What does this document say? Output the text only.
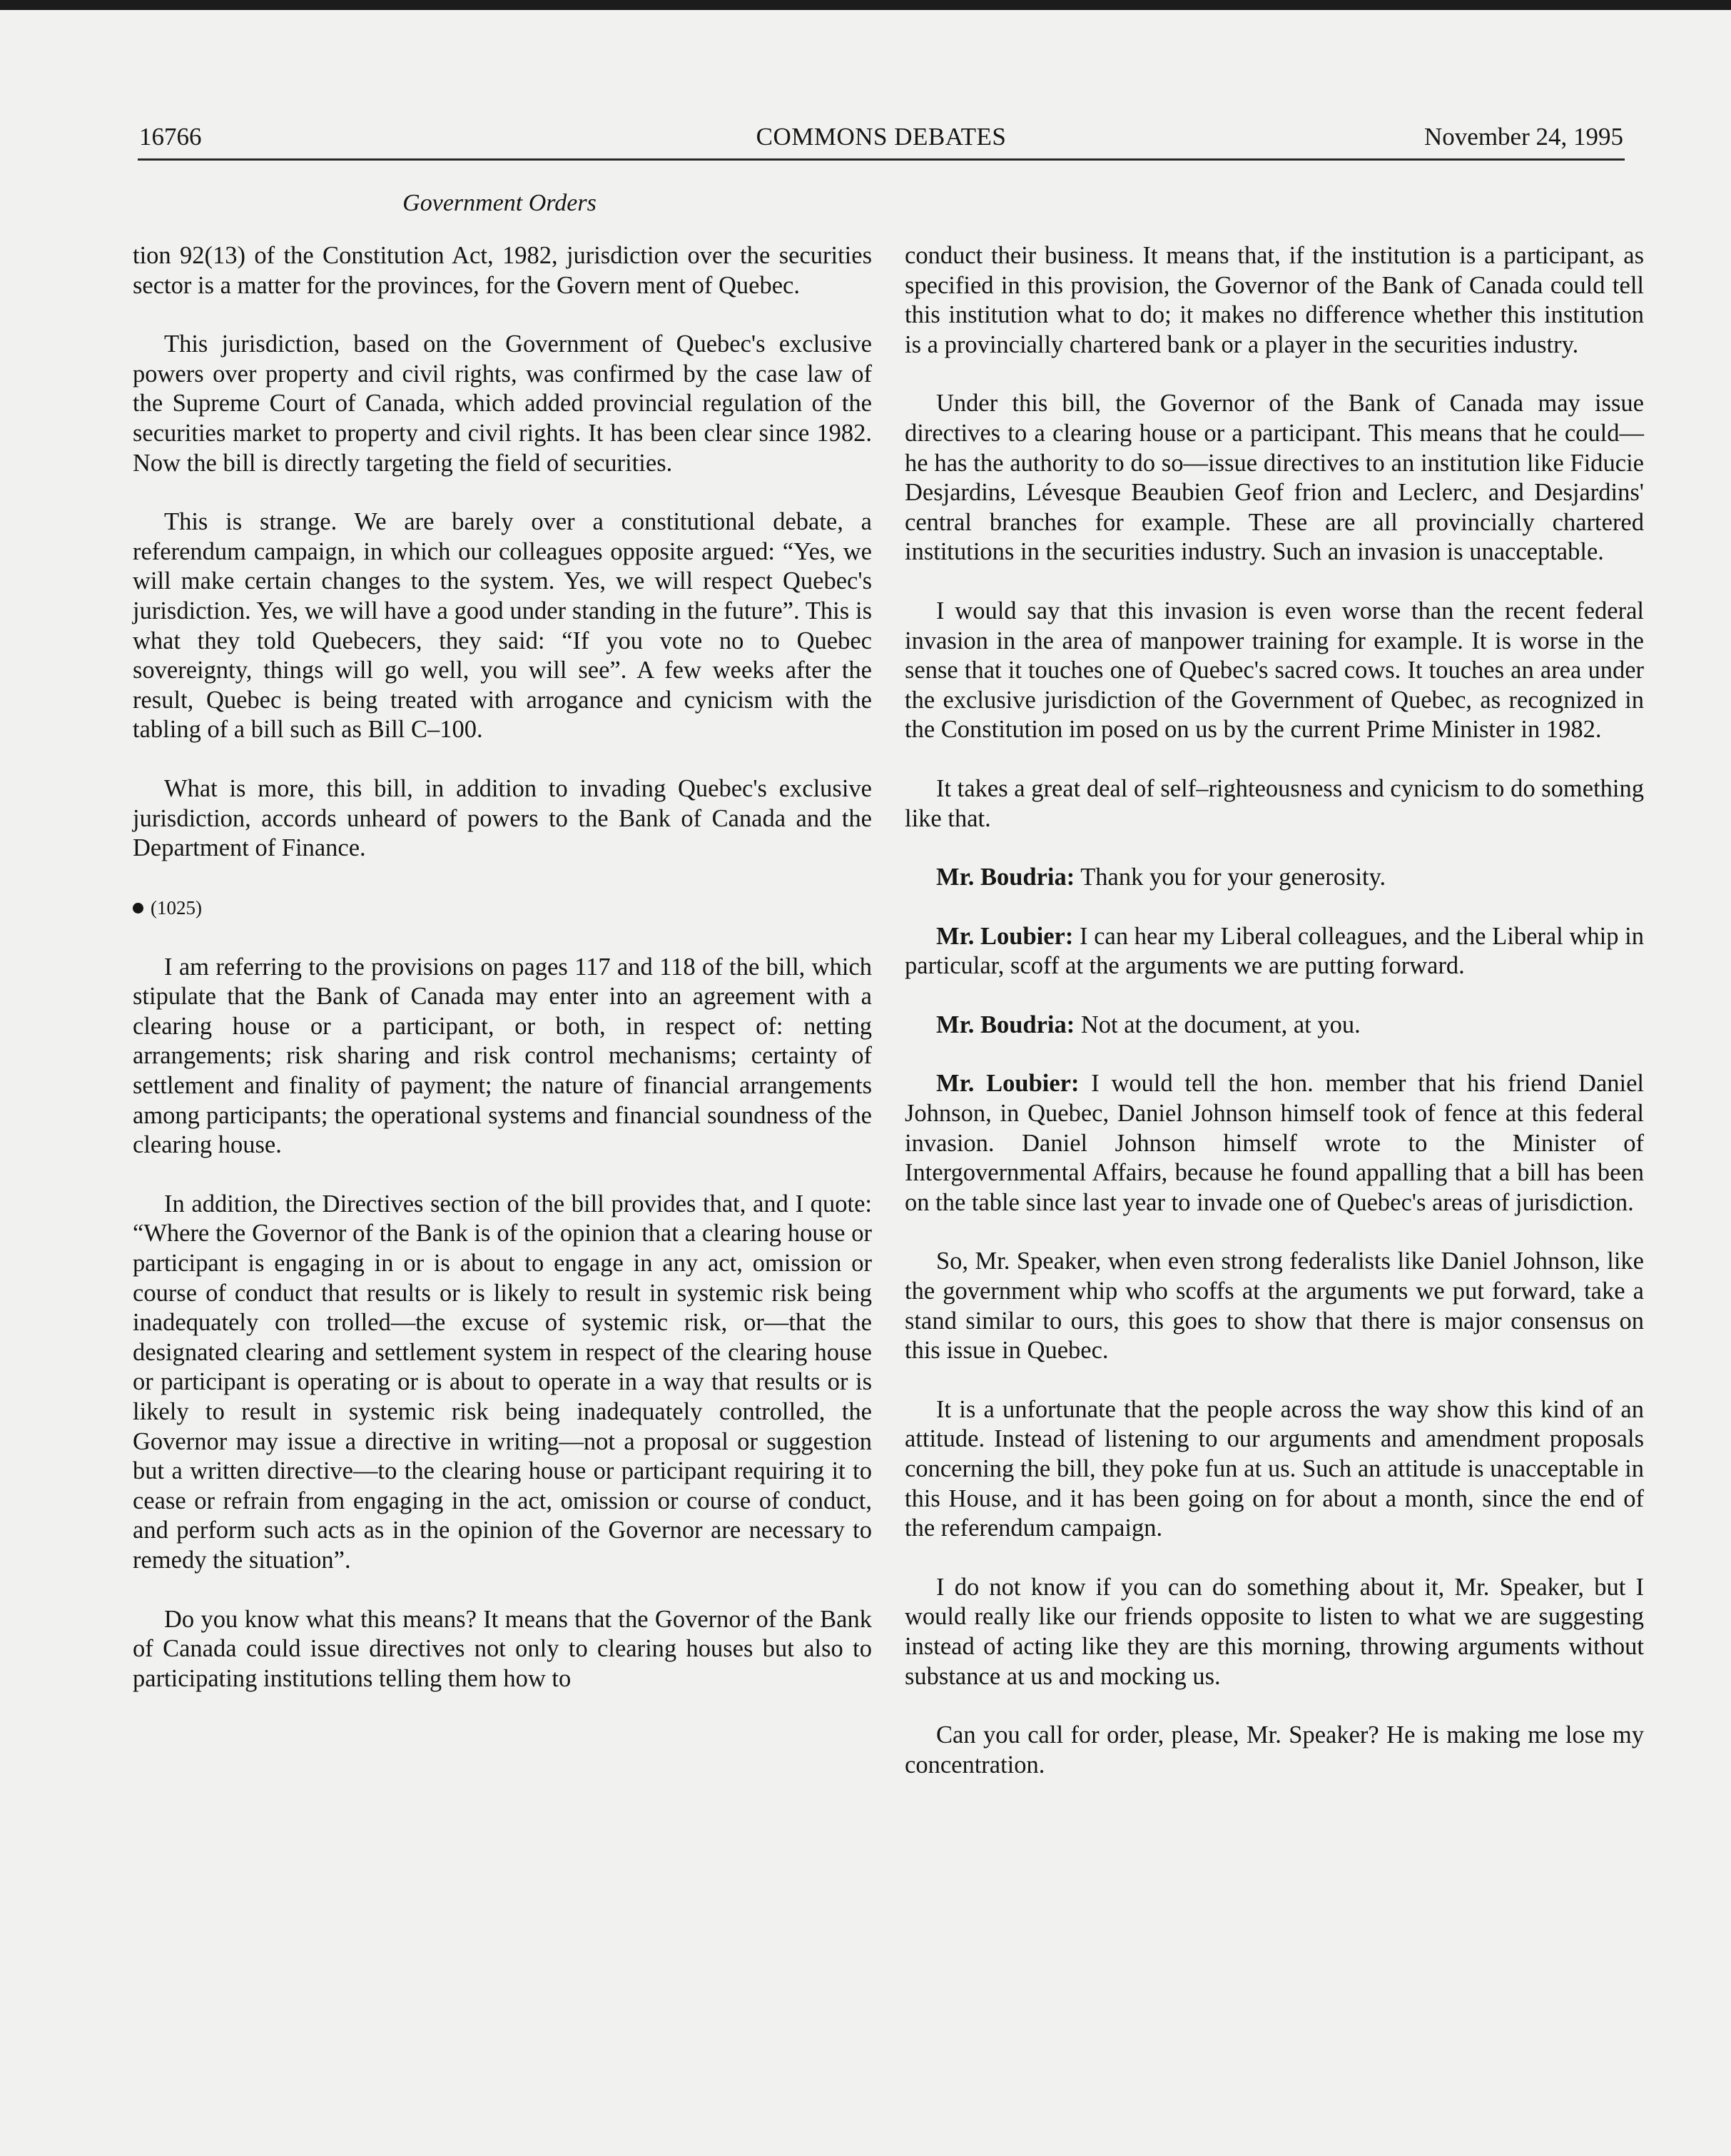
16766	COMMONS DEBATES	November 24, 1995
Government Orders

tion 92(13) of the Constitution Act, 1982, jurisdiction over the securities sector is a matter for the provinces, for the Govern ment of Quebec.

This jurisdiction, based on the Government of Quebec's exclusive powers over property and civil rights, was confirmed by the case law of the Supreme Court of Canada, which added provincial regulation of the securities market to property and civil rights. It has been clear since 1982. Now the bill is directly targeting the field of securities.

This is strange. We are barely over a constitutional debate, a referendum campaign, in which our colleagues opposite argued: “Yes, we will make certain changes to the system. Yes, we will respect Quebec's jurisdiction. Yes, we will have a good under standing in the future”. This is what they told Quebecers, they said: “If you vote no to Quebec sovereignty, things will go well, you will see”. A few weeks after the result, Quebec is being treated with arrogance and cynicism with the tabling of a bill such as Bill C–100.

What is more, this bill, in addition to invading Quebec's exclusive jurisdiction, accords unheard of powers to the Bank of Canada and the Department of Finance.

(1025)

I am referring to the provisions on pages 117 and 118 of the bill, which stipulate that the Bank of Canada may enter into an agreement with a clearing house or a participant, or both, in respect of: netting arrangements; risk sharing and risk control mechanisms; certainty of settlement and finality of payment; the nature of financial arrangements among participants; the operational systems and financial soundness of the clearing house.

In addition, the Directives section of the bill provides that, and I quote: “Where the Governor of the Bank is of the opinion that a clearing house or participant is engaging in or is about to engage in any act, omission or course of conduct that results or is likely to result in systemic risk being inadequately con trolled—the excuse of systemic risk, or—that the designated clearing and settlement system in respect of the clearing house or participant is operating or is about to operate in a way that results or is likely to result in systemic risk being inadequately controlled, the Governor may issue a directive in writing—not a proposal or suggestion but a written directive—to the clearing house or participant requiring it to cease or refrain from engaging in the act, omission or course of conduct, and perform such acts as in the opinion of the Governor are necessary to remedy the situation”.

Do you know what this means? It means that the Governor of the Bank of Canada could issue directives not only to clearing houses but also to participating institutions telling them how to

conduct their business. It means that, if the institution is a participant, as specified in this provision, the Governor of the Bank of Canada could tell this institution what to do; it makes no difference whether this institution is a provincially chartered bank or a player in the securities industry.

Under this bill, the Governor of the Bank of Canada may issue directives to a clearing house or a participant. This means that he could—he has the authority to do so—issue directives to an institution like Fiducie Desjardins, Lévesque Beaubien Geof frion and Leclerc, and Desjardins' central branches for example. These are all provincially chartered institutions in the securities industry. Such an invasion is unacceptable.

I would say that this invasion is even worse than the recent federal invasion in the area of manpower training for example. It is worse in the sense that it touches one of Quebec's sacred cows. It touches an area under the exclusive jurisdiction of the Government of Quebec, as recognized in the Constitution im posed on us by the current Prime Minister in 1982.

It takes a great deal of self–righteousness and cynicism to do something like that.

Mr. Boudria: Thank you for your generosity.

Mr. Loubier: I can hear my Liberal colleagues, and the Liberal whip in particular, scoff at the arguments we are putting forward.

Mr. Boudria: Not at the document, at you.

Mr. Loubier: I would tell the hon. member that his friend Daniel Johnson, in Quebec, Daniel Johnson himself took of fence at this federal invasion. Daniel Johnson himself wrote to the Minister of Intergovernmental Affairs, because he found appalling that a bill has been on the table since last year to invade one of Quebec's areas of jurisdiction.

So, Mr. Speaker, when even strong federalists like Daniel Johnson, like the government whip who scoffs at the arguments we put forward, take a stand similar to ours, this goes to show that there is major consensus on this issue in Quebec.

It is a unfortunate that the people across the way show this kind of an attitude. Instead of listening to our arguments and amendment proposals concerning the bill, they poke fun at us. Such an attitude is unacceptable in this House, and it has been going on for about a month, since the end of the referendum campaign.

I do not know if you can do something about it, Mr. Speaker, but I would really like our friends opposite to listen to what we are suggesting instead of acting like they are this morning, throwing arguments without substance at us and mocking us.

Can you call for order, please, Mr. Speaker? He is making me lose my concentration.
